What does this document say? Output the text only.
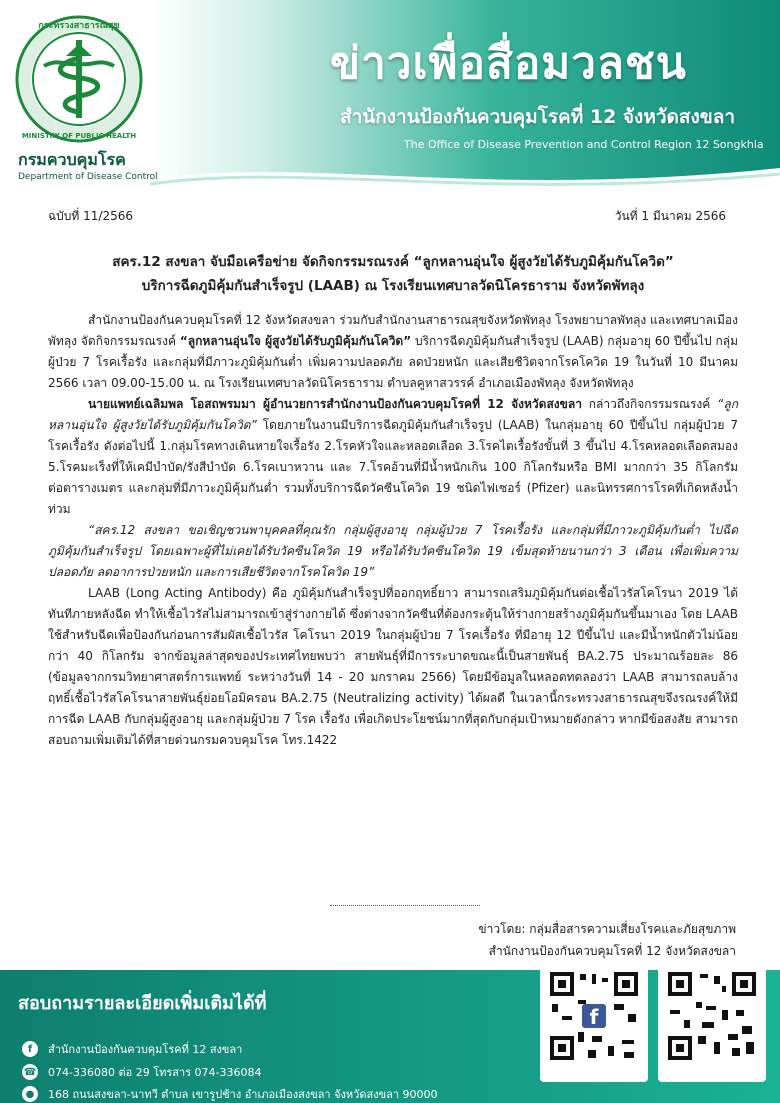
กระทรวงสาธารณสุข
MINISTRY OF PUBLIC HEALTH
กรมควบคุมโรค
Department of Disease Control
ข่าวเพื่อสื่อมวลชน
สำนักงานป้องกันควบคุมโรคที่ 12 จังหวัดสงขลา
The Office of Disease Prevention and Control Region 12 Songkhla
ฉบับที่ 11/2566	วันที่ 1 มีนาคม 2566
สคร.12 สงขลา จับมือเครือข่าย จัดกิจกรรมรณรงค์ “ลูกหลานอุ่นใจ ผู้สูงวัยได้รับภูมิคุ้มกันโควิด”
บริการฉีดภูมิคุ้มกันสำเร็จรูป (LAAB) ณ โรงเรียนเทศบาลวัดนิโครธาราม จังหวัดพัทลุง

สำนักงานป้องกันควบคุมโรคที่ 12 จังหวัดสงขลา ร่วมกับสำนักงานสาธารณสุขจังหวัดพัทลุง โรงพยาบาลพัทลุง และเทศบาลเมืองพัทลุง จัดกิจกรรมรณรงค์ “ลูกหลานอุ่นใจ ผู้สูงวัยได้รับภูมิคุ้มกันโควิด” บริการฉีดภูมิคุ้มกันสำเร็จรูป (LAAB) กลุ่มอายุ 60 ปีขึ้นไป กลุ่มผู้ป่วย 7 โรคเรื้อรัง และกลุ่มที่มีภาวะภูมิคุ้มกันต่ำ เพิ่มความปลอดภัย ลดป่วยหนัก และเสียชีวิตจากโรคโควิด 19 ในวันที่ 10 มีนาคม 2566 เวลา 09.00-15.00 น. ณ โรงเรียนเทศบาลวัดนิโครธาราม ตำบลคูหาสวรรค์ อำเภอเมืองพัทลุง จังหวัดพัทลุง

นายแพทย์เฉลิมพล โอสถพรมมา ผู้อำนวยการสำนักงานป้องกันควบคุมโรคที่ 12 จังหวัดสงขลา กล่าวถึงกิจกรรมรณรงค์ “ลูกหลานอุ่นใจ ผู้สูงวัยได้รับภูมิคุ้มกันโควิด” โดยภายในงานมีบริการฉีดภูมิคุ้มกันสำเร็จรูป (LAAB) ในกลุ่มอายุ 60 ปีขึ้นไป กลุ่มผู้ป่วย 7 โรคเรื้อรัง ดังต่อไปนี้ 1.กลุ่มโรคทางเดินหายใจเรื้อรัง 2.โรคหัวใจและหลอดเลือด 3.โรคไตเรื้อรังขั้นที่ 3 ขึ้นไป 4.โรคหลอดเลือดสมอง 5.โรคมะเร็งที่ให้เคมีบำบัด/รังสีบำบัด 6.โรคเบาหวาน และ 7.โรคอ้วนที่มีน้ำหนักเกิน 100 กิโลกรัมหรือ BMI มากกว่า 35 กิโลกรัมต่อตารางเมตร และกลุ่มที่มีภาวะภูมิคุ้มกันต่ำ รวมทั้งบริการฉีดวัคซีนโควิด 19 ชนิดไฟเซอร์ (Pfizer) และนิทรรศการโรคที่เกิดหลังน้ำท่วม

“สคร.12 สงขลา ขอเชิญชวนพาบุคคลที่คุณรัก กลุ่มผู้สูงอายุ กลุ่มผู้ป่วย 7 โรคเรื้อรัง และกลุ่มที่มีภาวะภูมิคุ้มกันต่ำ ไปฉีดภูมิคุ้มกันสำเร็จรูป โดยเฉพาะผู้ที่ไม่เคยได้รับวัคซีนโควิด 19 หรือได้รับวัคซีนโควิด 19 เข็มสุดท้ายนานกว่า 3 เดือน เพื่อเพิ่มความปลอดภัย ลดอาการป่วยหนัก และการเสียชีวิตจากโรคโควิด 19”

LAAB (Long Acting Antibody) คือ ภูมิคุ้มกันสำเร็จรูปที่ออกฤทธิ์ยาว สามารถเสริมภูมิคุ้มกันต่อเชื้อไวรัสโคโรนา 2019 ได้ทันทีภายหลังฉีด ทำให้เชื้อไวรัสไม่สามารถเข้าสู่ร่างกายได้ ซึ่งต่างจากวัคซีนที่ต้องกระตุ้นให้ร่างกายสร้างภูมิคุ้มกันขึ้นมาเอง โดย LAAB ใช้สำหรับฉีดเพื่อป้องกันก่อนการสัมผัสเชื้อไวรัส โคโรนา 2019 ในกลุ่มผู้ป่วย 7 โรคเรื้อรัง ที่มีอายุ 12 ปีขึ้นไป และมีน้ำหนักตัวไม่น้อยกว่า 40 กิโลกรัม จากข้อมูลล่าสุดของประเทศไทยพบว่า สายพันธุ์ที่มีการระบาดขณะนี้เป็นสายพันธุ์ BA.2.75 ประมาณร้อยละ 86 (ข้อมูลจากกรมวิทยาศาสตร์การแพทย์ ระหว่างวันที่ 14 - 20 มกราคม 2566) โดยมีข้อมูลในหลอดทดลองว่า LAAB สามารถลบล้างฤทธิ์เชื้อไวรัสโคโรนาสายพันธุ์ย่อยโอมิครอน BA.2.75 (Neutralizing activity) ได้ผลดี ในเวลานี้กระทรวงสาธารณสุขจึงรณรงค์ให้มีการฉีด LAAB กับกลุ่มผู้สูงอายุ และกลุ่มผู้ป่วย 7 โรค เรื้อรัง เพื่อเกิดประโยชน์มากที่สุดกับกลุ่มเป้าหมายดังกล่าว หากมีข้อสงสัย สามารถสอบถามเพิ่มเติมได้ที่สายด่วนกรมควบคุมโรค โทร.1422

ข่าวโดย: กลุ่มสื่อสารความเสี่ยงโรคและภัยสุขภาพ
สำนักงานป้องกันควบคุมโรคที่ 12 จังหวัดสงขลา
สอบถามรายละเอียดเพิ่มเติมได้ที่
f	สำนักงานป้องกันควบคุมโรคที่ 12 สงขลา
☎ 074-336080 ต่อ 29 โทรสาร 074-336084
●	168 ถนนสงขลา-นาทวี ตำบล เขารูปช้าง อำเภอเมืองสงขลา จังหวัดสงขลา 90000
f
